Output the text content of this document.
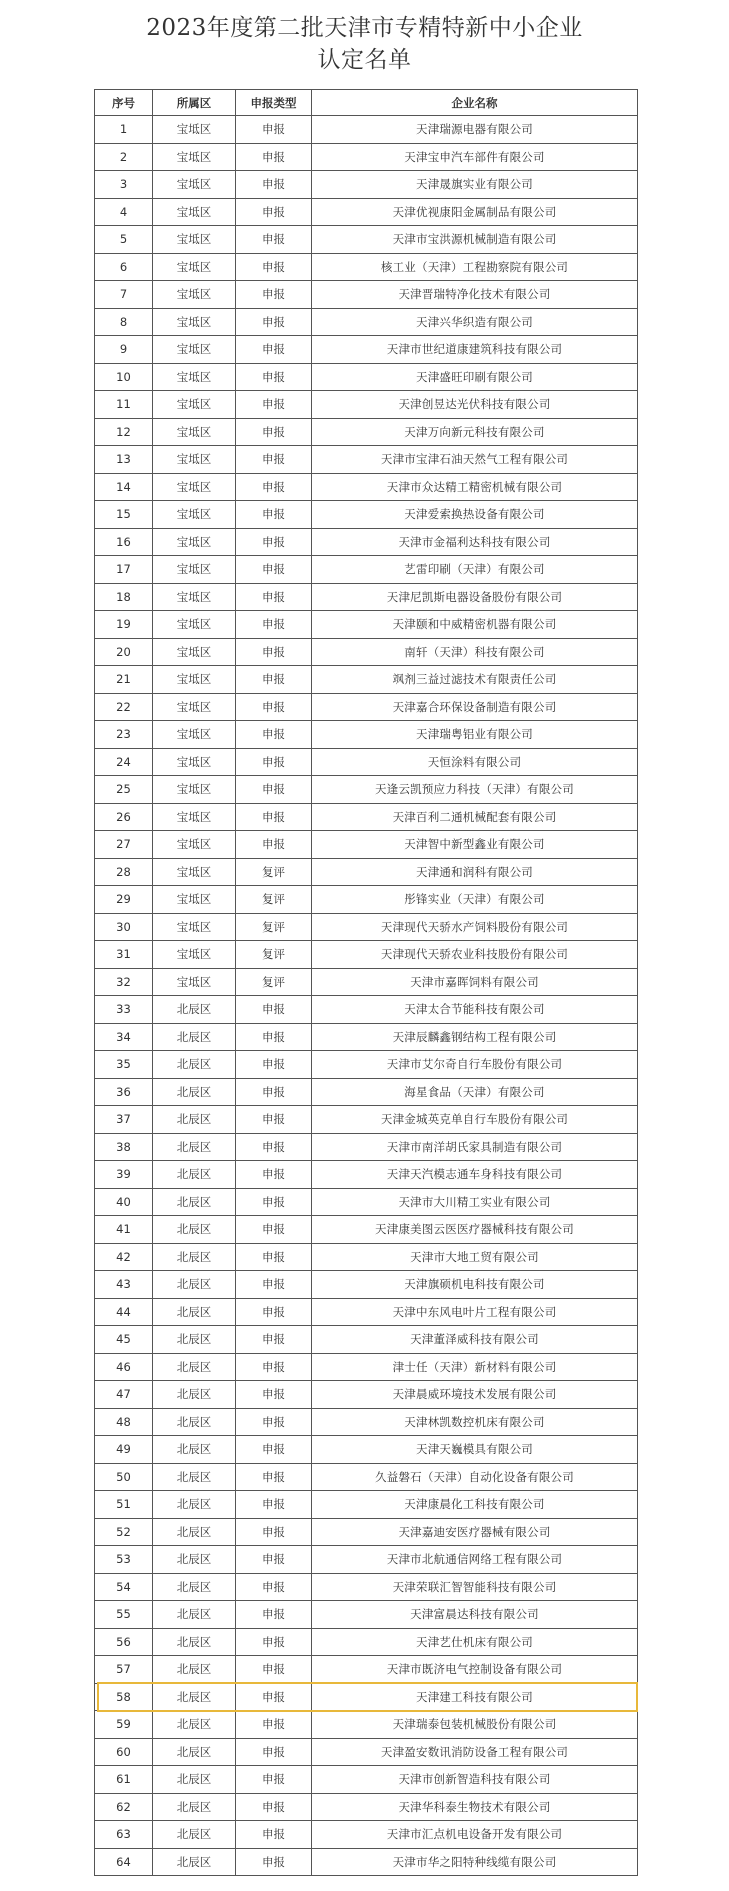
2023年度第二批天津市专精特新中小企业
认定名单
序号	所属区	申报类型	企业名称
1	宝坻区	申报	天津瑞源电器有限公司
2	宝坻区	申报	天津宝申汽车部件有限公司
3	宝坻区	申报	天津晟旗实业有限公司
4	宝坻区	申报	天津优视康阳金属制品有限公司
5	宝坻区	申报	天津市宝洪源机械制造有限公司
6	宝坻区	申报	核工业（天津）工程勘察院有限公司
7	宝坻区	申报	天津晋瑞特净化技术有限公司
8	宝坻区	申报	天津兴华织造有限公司
9	宝坻区	申报	天津市世纪道康建筑科技有限公司
10	宝坻区	申报	天津盛旺印刷有限公司
11	宝坻区	申报	天津创昱达光伏科技有限公司
12	宝坻区	申报	天津万向新元科技有限公司
13	宝坻区	申报	天津市宝津石油天然气工程有限公司
14	宝坻区	申报	天津市众达精工精密机械有限公司
15	宝坻区	申报	天津爱索换热设备有限公司
16	宝坻区	申报	天津市金福利达科技有限公司
17	宝坻区	申报	艺雷印刷（天津）有限公司
18	宝坻区	申报	天津尼凯斯电器设备股份有限公司
19	宝坻区	申报	天津颐和中威精密机器有限公司
20	宝坻区	申报	南轩（天津）科技有限公司
21	宝坻区	申报	飒剂三益过滤技术有限责任公司
22	宝坻区	申报	天津嘉合环保设备制造有限公司
23	宝坻区	申报	天津瑞粤铝业有限公司
24	宝坻区	申报	天恒涂料有限公司
25	宝坻区	申报	天逢云凯预应力科技（天津）有限公司
26	宝坻区	申报	天津百利二通机械配套有限公司
27	宝坻区	申报	天津智中新型鑫业有限公司
28	宝坻区	复评	天津通和润科有限公司
29	宝坻区	复评	彤锋实业（天津）有限公司
30	宝坻区	复评	天津现代天骄水产饲料股份有限公司
31	宝坻区	复评	天津现代天骄农业科技股份有限公司
32	宝坻区	复评	天津市嘉晖饲料有限公司
33	北辰区	申报	天津太合节能科技有限公司
34	北辰区	申报	天津辰麟鑫钢结构工程有限公司
35	北辰区	申报	天津市艾尔奇自行车股份有限公司
36	北辰区	申报	海星食品（天津）有限公司
37	北辰区	申报	天津金城英克单自行车股份有限公司
38	北辰区	申报	天津市南洋胡氏家具制造有限公司
39	北辰区	申报	天津天汽模志通车身科技有限公司
40	北辰区	申报	天津市大川精工实业有限公司
41	北辰区	申报	天津康美图云医医疗器械科技有限公司
42	北辰区	申报	天津市大地工贸有限公司
43	北辰区	申报	天津旗硕机电科技有限公司
44	北辰区	申报	天津中东风电叶片工程有限公司
45	北辰区	申报	天津董泽威科技有限公司
46	北辰区	申报	津士任（天津）新材料有限公司
47	北辰区	申报	天津晨威环境技术发展有限公司
48	北辰区	申报	天津林凯数控机床有限公司
49	北辰区	申报	天津天巍模具有限公司
50	北辰区	申报	久益磐石（天津）自动化设备有限公司
51	北辰区	申报	天津康晨化工科技有限公司
52	北辰区	申报	天津嘉迪安医疗器械有限公司
53	北辰区	申报	天津市北航通信网络工程有限公司
54	北辰区	申报	天津荣联汇智智能科技有限公司
55	北辰区	申报	天津富晨达科技有限公司
56	北辰区	申报	天津艺仕机床有限公司
57	北辰区	申报	天津市既济电气控制设备有限公司
58	北辰区	申报	天津建工科技有限公司
59	北辰区	申报	天津瑞泰包装机械股份有限公司
60	北辰区	申报	天津盈安数讯消防设备工程有限公司
61	北辰区	申报	天津市创新智造科技有限公司
62	北辰区	申报	天津华科泰生物技术有限公司
63	北辰区	申报	天津市汇点机电设备开发有限公司
64	北辰区	申报	天津市华之阳特种线缆有限公司
